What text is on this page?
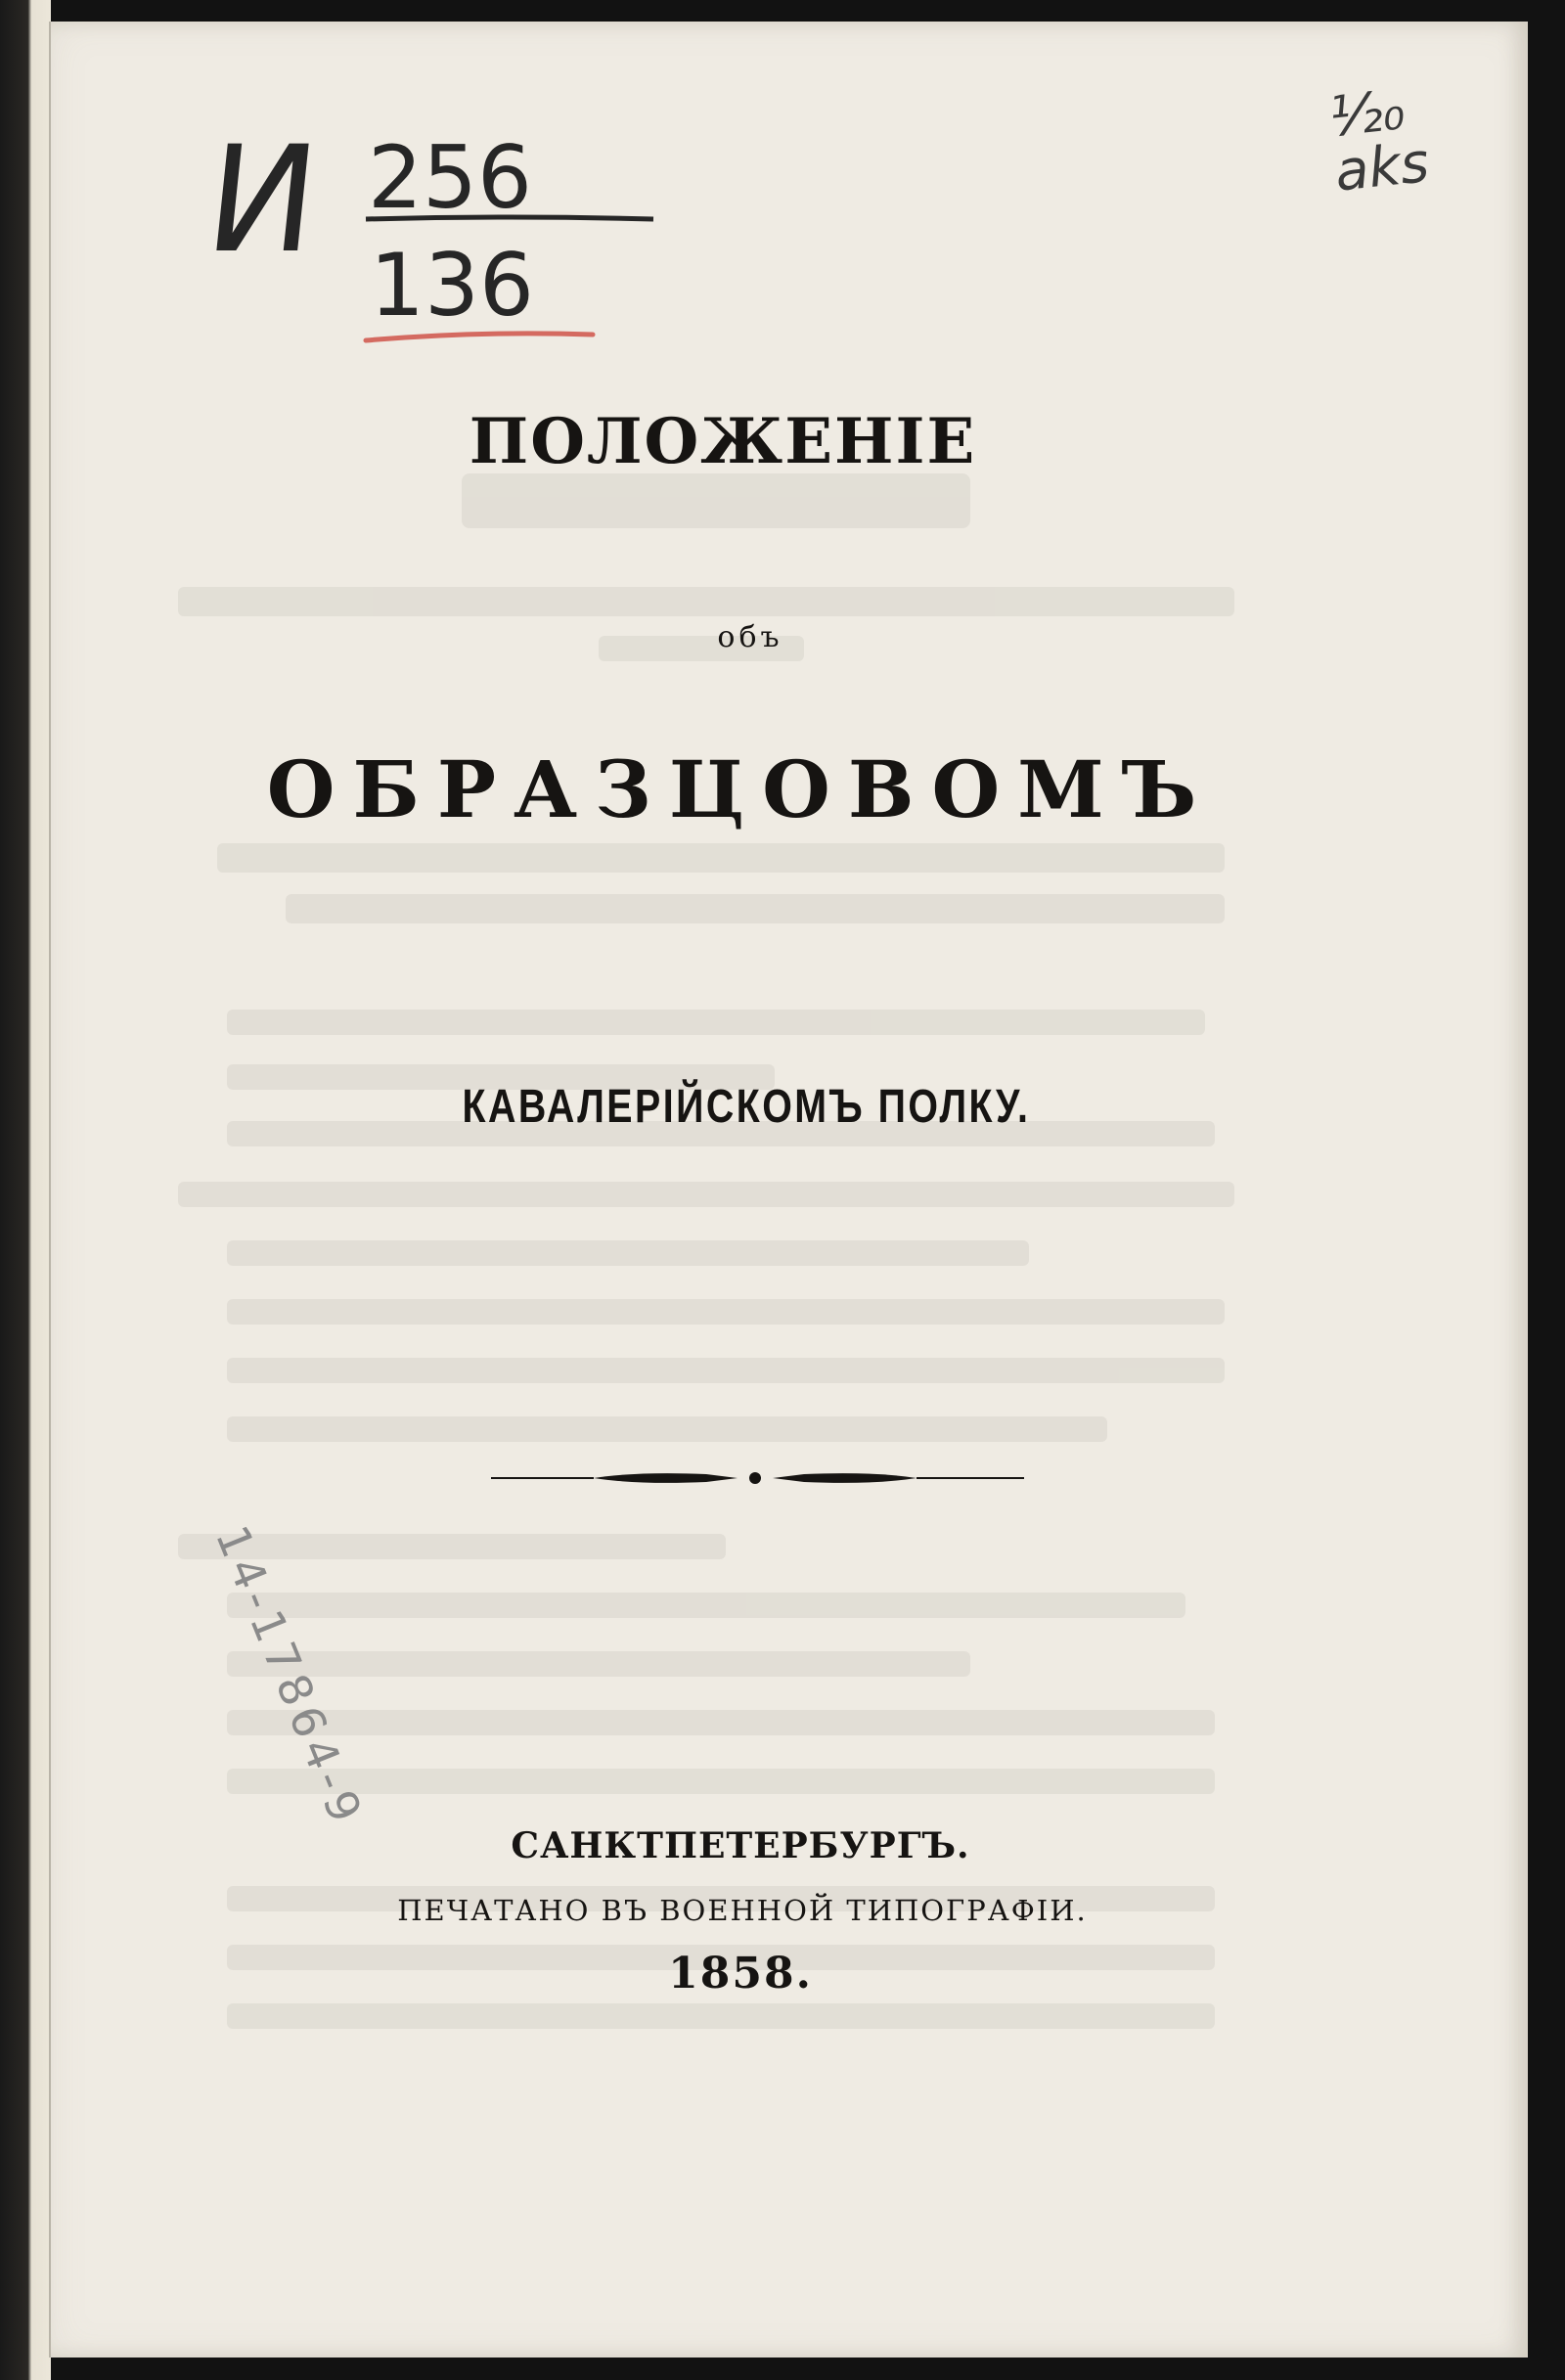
И 256
136
¹⁄₂₀
aks
ПОЛОЖЕНІЕ
объ
ОБРАЗЦОВОМЪ
КАВАЛЕРІЙСКОМЪ ПОЛКУ.
14-17864-9
САНКТПЕТЕРБУРГЪ.
ПЕЧАТАНО ВЪ ВОЕННОЙ ТИПОГРАФІИ.
1858.
